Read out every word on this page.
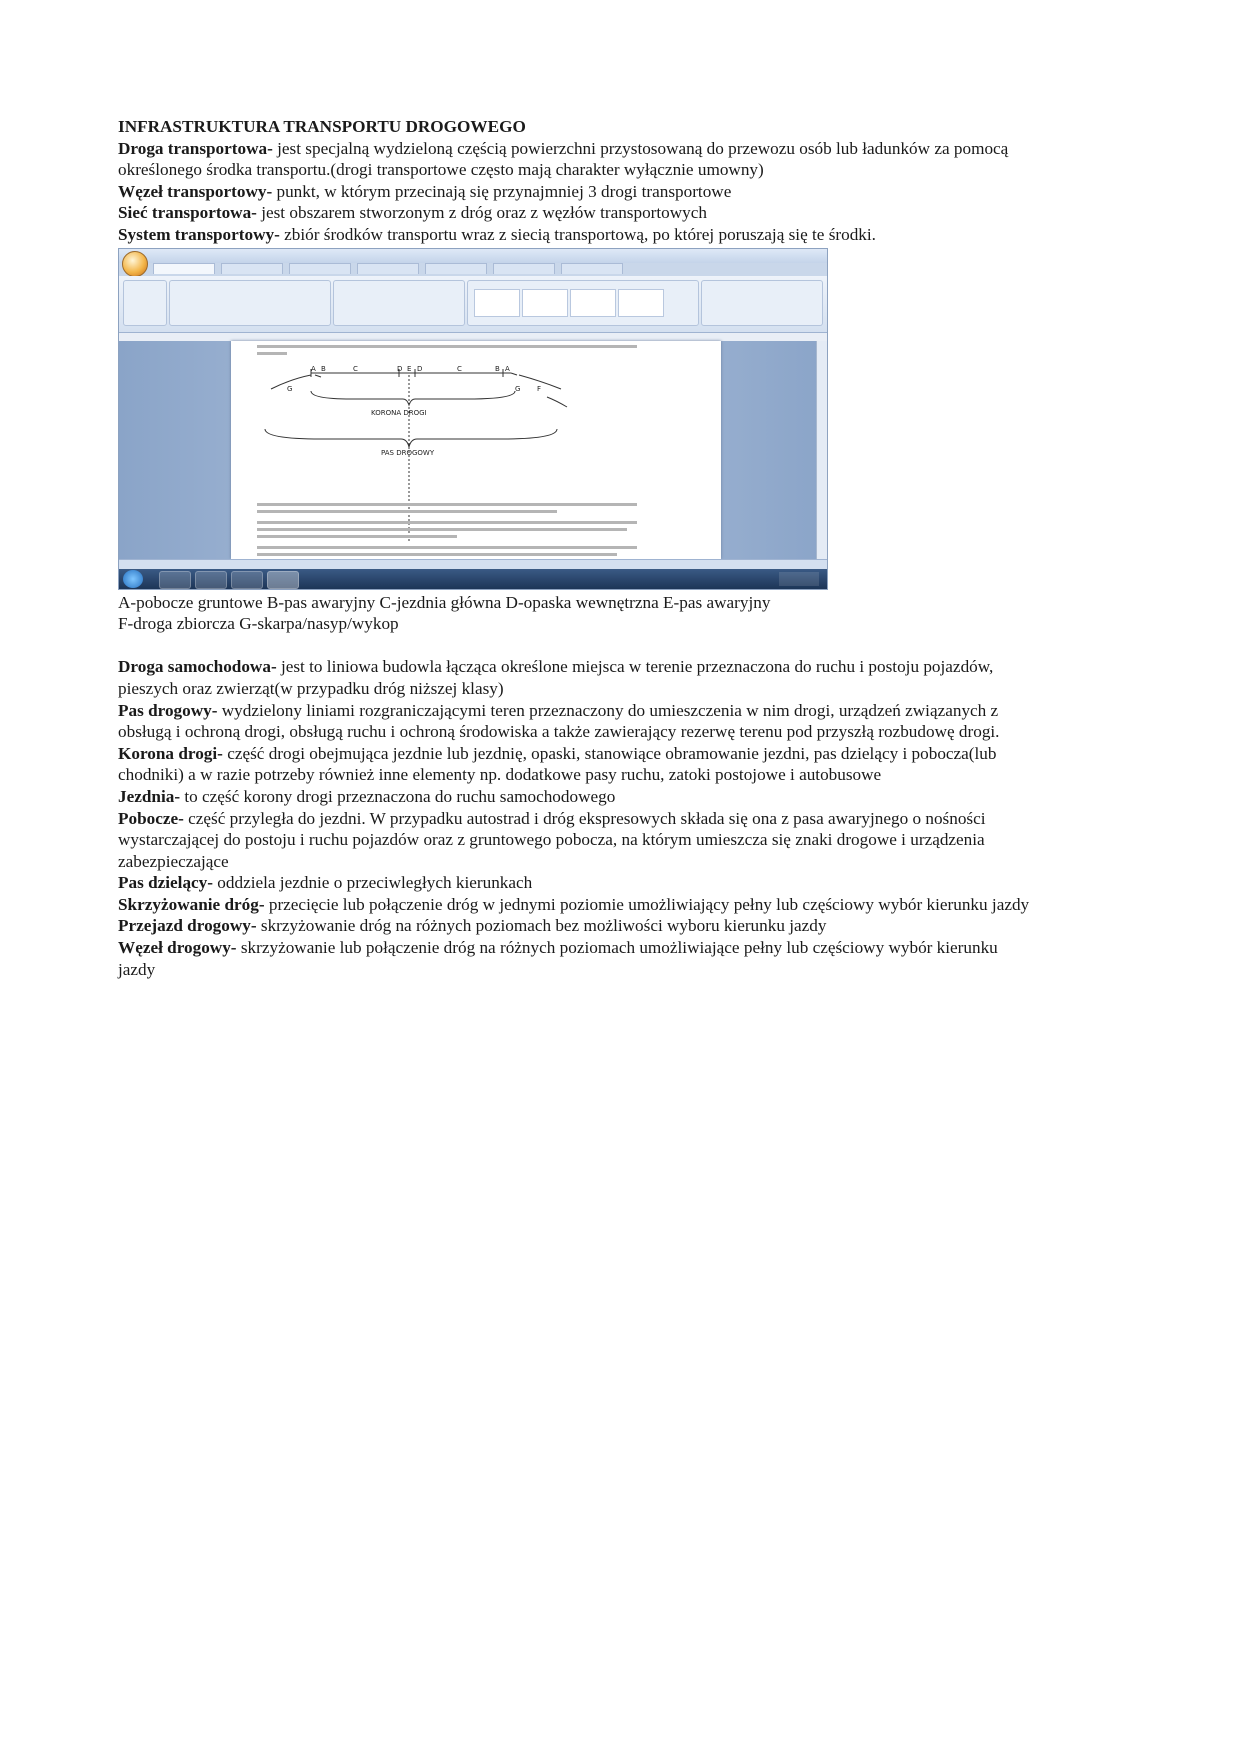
INFRASTRUKTURA TRANSPORTU DROGOWEGO

Droga transportowa- jest specjalną wydzieloną częścią powierzchni przystosowaną do przewozu osób lub ładunków za pomocą

określonego środka transportu.(drogi transportowe często mają charakter wyłącznie umowny)

Węzeł transportowy- punkt, w którym przecinają się przynajmniej 3 drogi transportowe

Sieć transportowa- jest obszarem stworzonym z dróg oraz z węzłów transportowych

System transportowy- zbiór środków transportu wraz z siecią transportową, po której poruszają się te środki.

G
A B	C	D E D	C	B A
G F
KORONA DROGI
PAS DROGOWY

A-pobocze gruntowe B-pas awaryjny C-jezdnia główna D-opaska wewnętrzna E-pas awaryjny

F-droga zbiorcza G-skarpa/nasyp/wykop

Droga samochodowa- jest to liniowa budowla łącząca określone miejsca w terenie przeznaczona do ruchu i postoju pojazdów,

pieszych oraz zwierząt(w przypadku dróg niższej klasy)

Pas drogowy- wydzielony liniami rozgraniczającymi teren przeznaczony do umieszczenia w nim drogi, urządzeń związanych z

obsługą i ochroną drogi, obsługą ruchu i ochroną środowiska a także zawierający rezerwę terenu pod przyszłą rozbudowę drogi.

Korona drogi- część drogi obejmująca jezdnie lub jezdnię, opaski, stanowiące obramowanie jezdni, pas dzielący i pobocza(lub

chodniki) a w razie potrzeby również inne elementy np. dodatkowe pasy ruchu, zatoki postojowe i autobusowe

Jezdnia- to część korony drogi przeznaczona do ruchu samochodowego

Pobocze- część przyległa do jezdni. W przypadku autostrad i dróg ekspresowych składa się ona z pasa awaryjnego o nośności

wystarczającej do postoju i ruchu pojazdów oraz z gruntowego pobocza, na którym umieszcza się znaki drogowe i urządzenia

zabezpieczające

Pas dzielący- oddziela jezdnie o przeciwległych kierunkach

Skrzyżowanie dróg- przecięcie lub połączenie dróg w jednymi poziomie umożliwiający pełny lub częściowy wybór kierunku jazdy

Przejazd drogowy- skrzyżowanie dróg na różnych poziomach bez możliwości wyboru kierunku jazdy

Węzeł drogowy- skrzyżowanie lub połączenie dróg na różnych poziomach umożliwiające pełny lub częściowy wybór kierunku

jazdy
